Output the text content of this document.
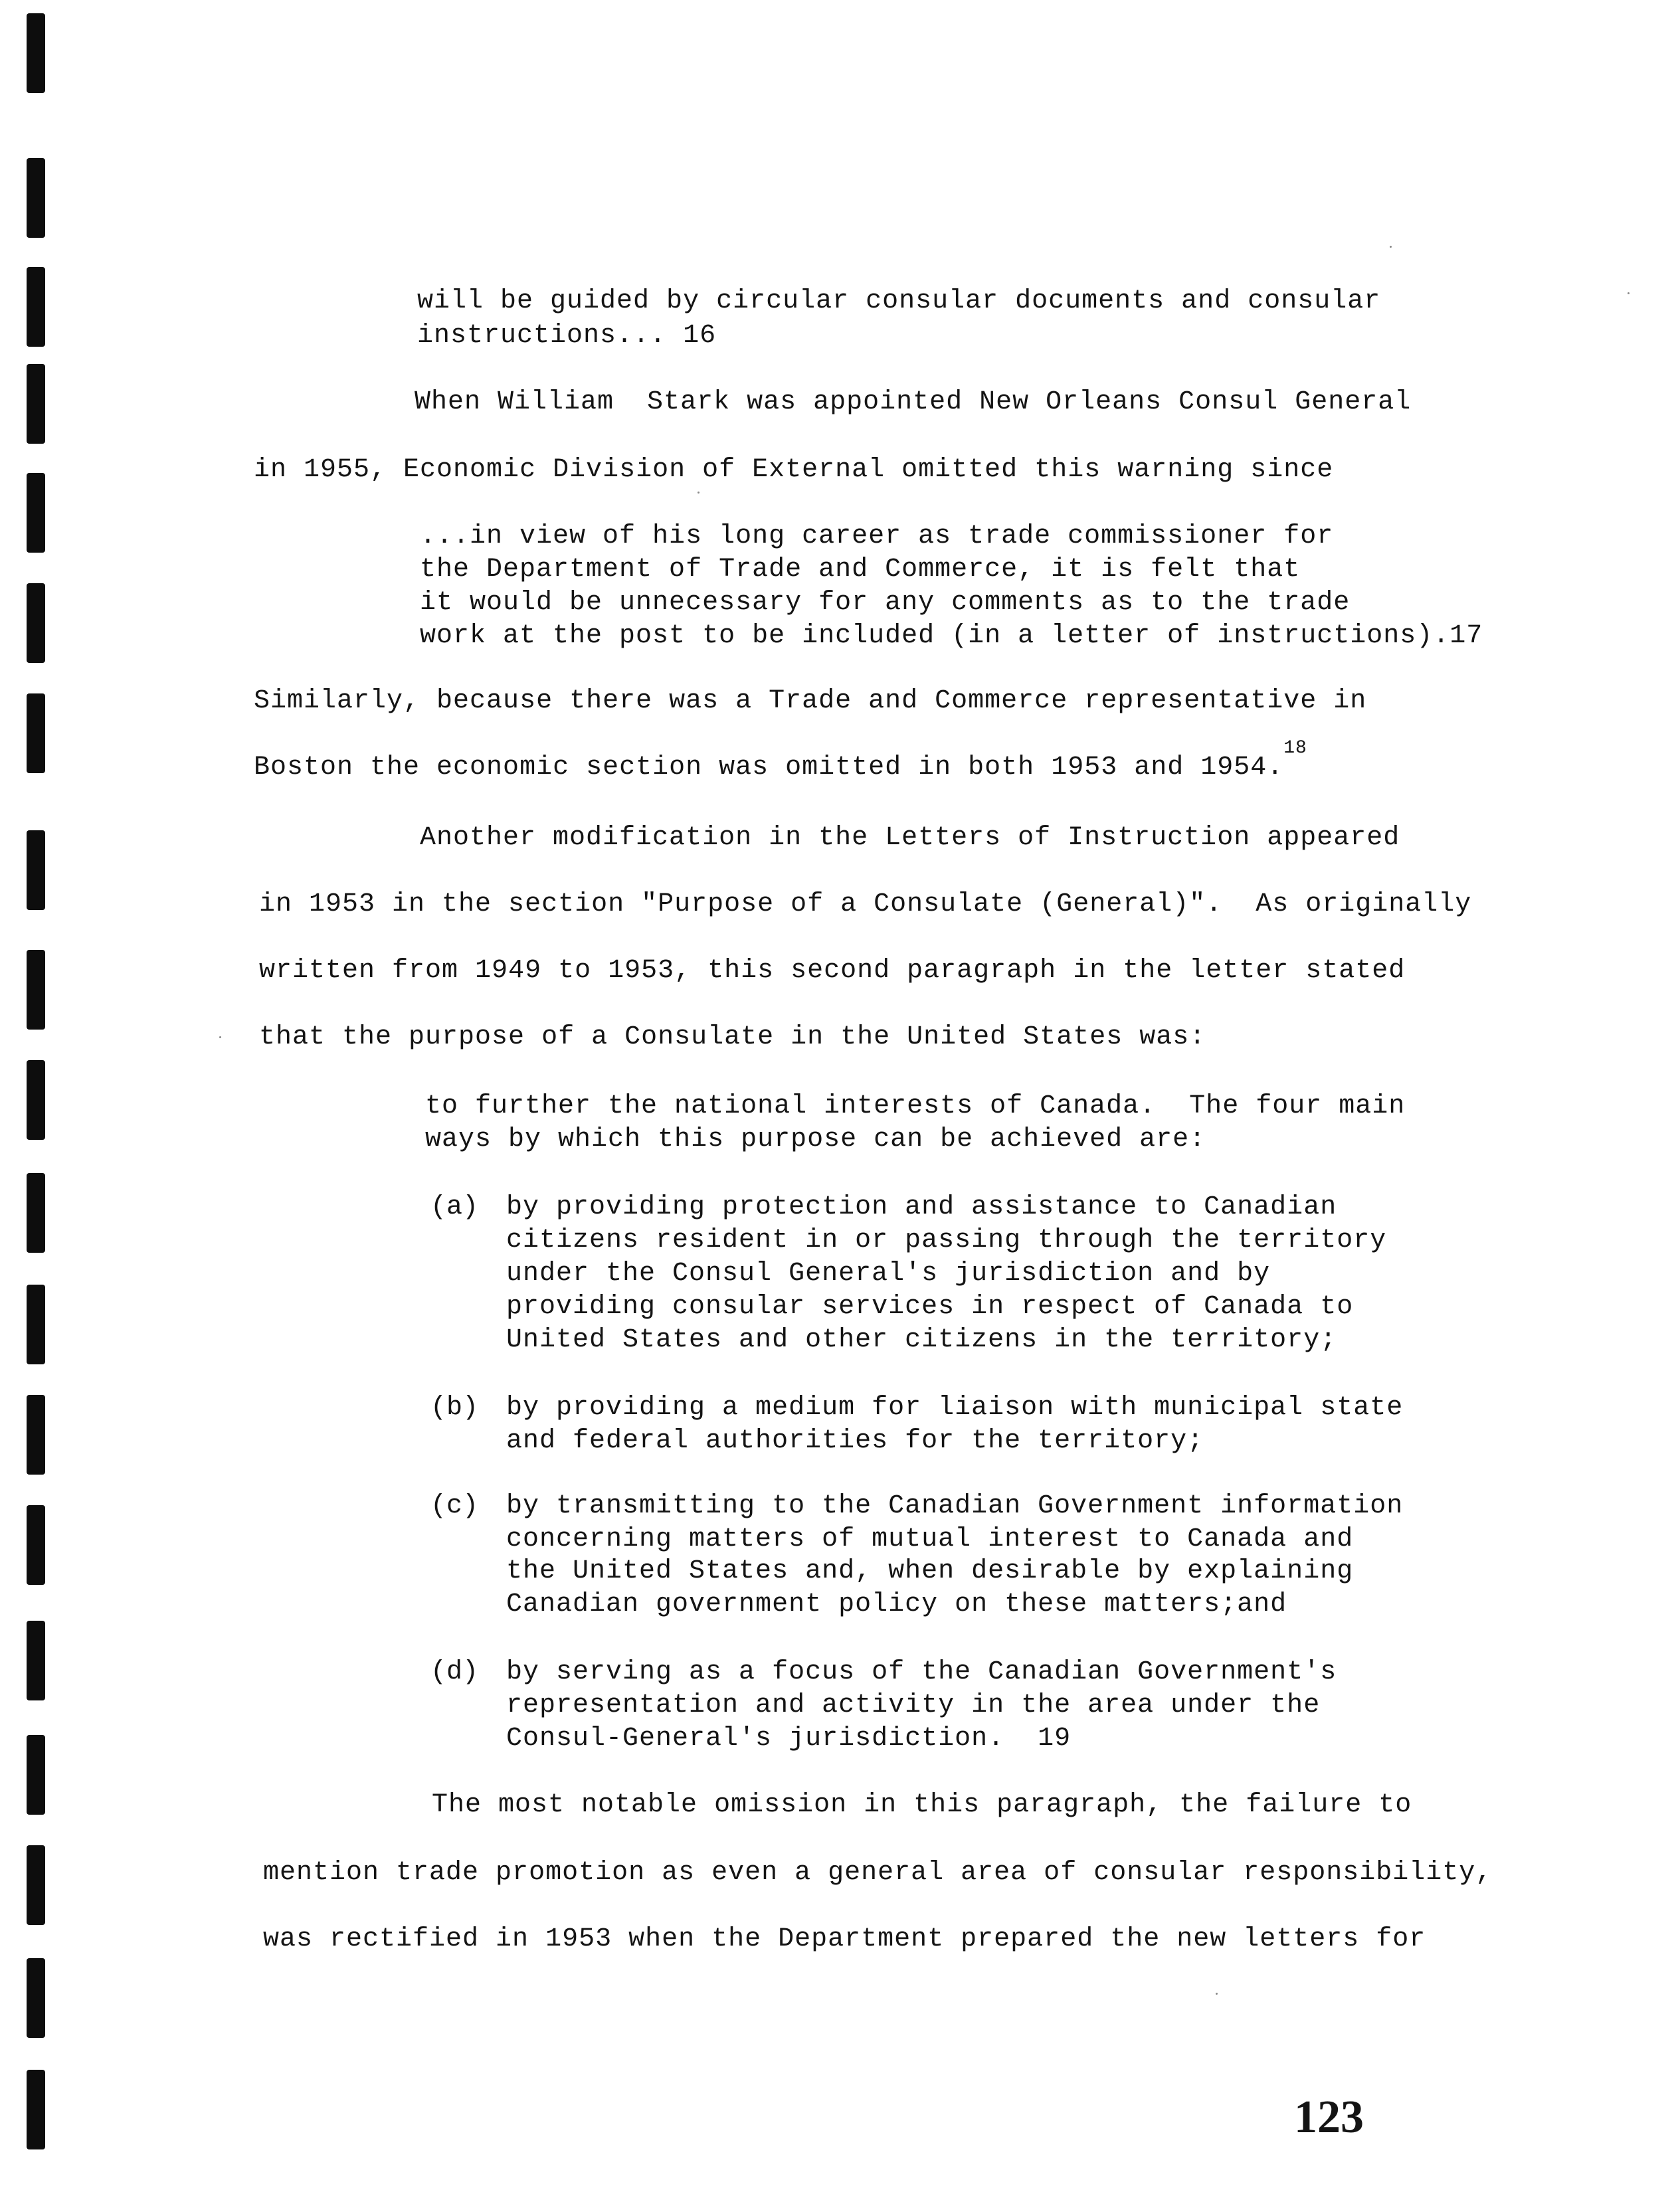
will be guided by circular consular documents and consular
instructions... 16
When William  Stark was appointed New Orleans Consul General
in 1955, Economic Division of External omitted this warning since
...in view of his long career as trade commissioner for
the Department of Trade and Commerce, it is felt that
it would be unnecessary for any comments as to the trade
work at the post to be included (in a letter of instructions).17
Similarly, because there was a Trade and Commerce representative in
Boston the economic section was omitted in both 1953 and 1954.18
Another modification in the Letters of Instruction appeared
in 1953 in the section "Purpose of a Consulate (General)".  As originally
written from 1949 to 1953, this second paragraph in the letter stated
that the purpose of a Consulate in the United States was:
to further the national interests of Canada.  The four main
ways by which this purpose can be achieved are:
(a) by providing protection and assistance to Canadian
citizens resident in or passing through the territory
under the Consul General's jurisdiction and by
providing consular services in respect of Canada to
United States and other citizens in the territory;
(b) by providing a medium for liaison with municipal state
and federal authorities for the territory;
(c) by transmitting to the Canadian Government information
concerning matters of mutual interest to Canada and
the United States and, when desirable by explaining
Canadian government policy on these matters;and
(d) by serving as a focus of the Canadian Government's
representation and activity in the area under the
Consul-General's jurisdiction.  19
The most notable omission in this paragraph, the failure to
mention trade promotion as even a general area of consular responsibility,
was rectified in 1953 when the Department prepared the new letters for
123
